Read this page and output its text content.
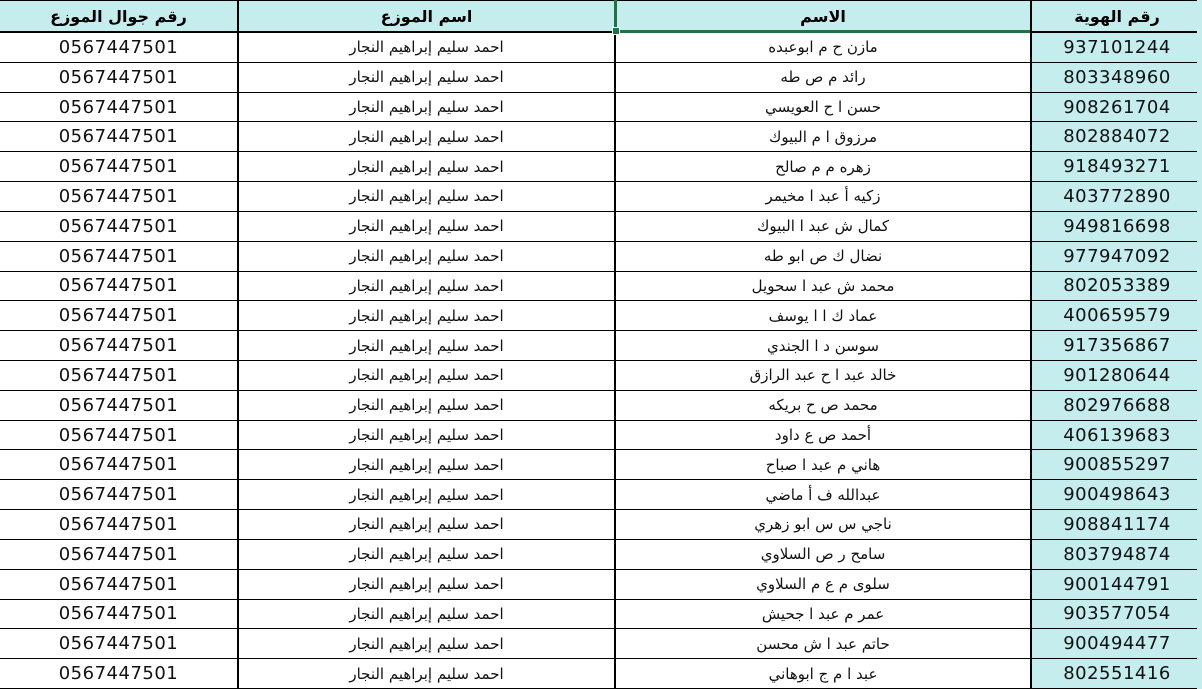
رقم الهوية
الاسم
اسم الموزع
رقم جوال الموزع
937101244
مازن ح م ابوعبده
احمد سليم إبراهيم النجار
0567447501
803348960
رائد م ص طه
احمد سليم إبراهيم النجار
0567447501
908261704
حسن ا ح العويسي
احمد سليم إبراهيم النجار
0567447501
802884072
مرزوق ا م البيوك
احمد سليم إبراهيم النجار
0567447501
918493271
زهره م م صالح
احمد سليم إبراهيم النجار
0567447501
403772890
زكيه أ عبد ا مخيمر
احمد سليم إبراهيم النجار
0567447501
949816698
كمال ش عبد ا البيوك
احمد سليم إبراهيم النجار
0567447501
977947092
نضال ك ص ابو طه
احمد سليم إبراهيم النجار
0567447501
802053389
محمد ش عبد ا سحويل
احمد سليم إبراهيم النجار
0567447501
400659579
عماد ك ا ا يوسف
احمد سليم إبراهيم النجار
0567447501
917356867
سوسن د ا الجندي
احمد سليم إبراهيم النجار
0567447501
901280644
خالد عبد ا ح عبد الرازق
احمد سليم إبراهيم النجار
0567447501
802976688
محمد ص ح بريكه
احمد سليم إبراهيم النجار
0567447501
406139683
أحمد ص ع داود
احمد سليم إبراهيم النجار
0567447501
900855297
هاني م عبد ا صباح
احمد سليم إبراهيم النجار
0567447501
900498643
عبدالله ف أ ماضي
احمد سليم إبراهيم النجار
0567447501
908841174
ناجي س س ابو زهري
احمد سليم إبراهيم النجار
0567447501
803794874
سامح ر ص السلاوي
احمد سليم إبراهيم النجار
0567447501
900144791
سلوى م ع م السلاوي
احمد سليم إبراهيم النجار
0567447501
903577054
عمر م عبد ا جحيش
احمد سليم إبراهيم النجار
0567447501
900494477
حاتم عبد ا ش محسن
احمد سليم إبراهيم النجار
0567447501
802551416
عبد ا م ج ابوهاني
احمد سليم إبراهيم النجار
0567447501
